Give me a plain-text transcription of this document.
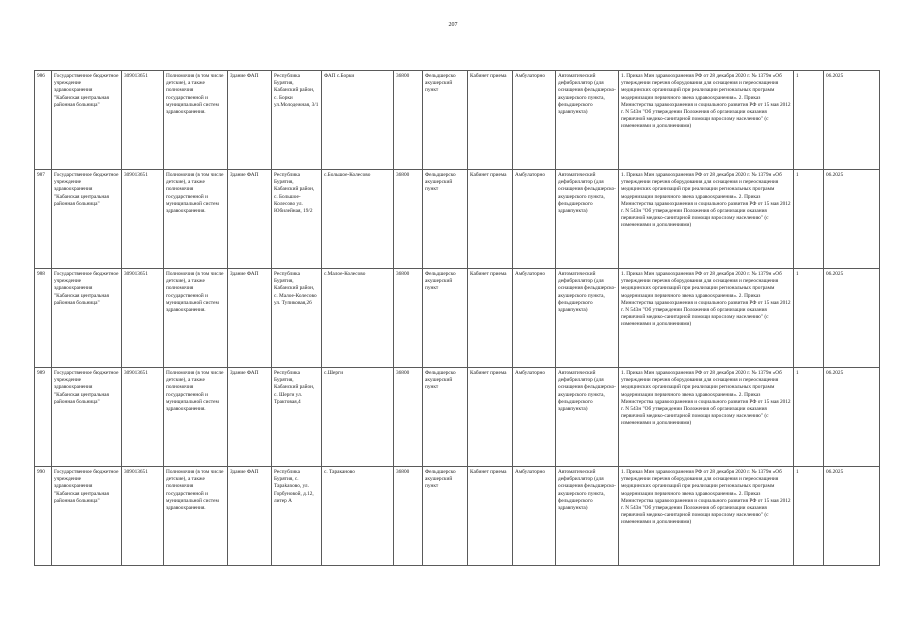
207
986	Государственное бюджетное учреждение здравоохранения "Кабанская центральная районная больница"	309013651	Полномочия (в том числе детские), а также полномочия государственной и муниципальной систем здравоохранения.	Здание ФАП	Республика Бурятия, Кабанский район, с. Борки ул.Молодежная, 3/1	ФАП с.Борки	36800	Фельдшерско акушерский пункт	Кабинет приема	Амбулаторно	Автоматический дефибриллятор (для оснащения фельдшерско-акушерского пункта, фельдшерского здравпункта)	1. Приказ Мин здравоохранения РФ от 28 декабря 2020 г. № 1379н «Об утверждении перечня оборудования для оснащения и переоснащения медицинских организаций при реализации региональных программ модернизации первичного звена здравоохранения». 2. Приказ Министерства здравоохранения и социального развития РФ от 15 мая 2012 г. N 543н "Об утверждении Положения об организации оказания первичной медико-санитарной помощи взрослому населению" (с изменениями и дополнениями)	1	06.2025
987	Государственное бюджетное учреждение здравоохранения "Кабанская центральная районная больница"	309013651	Полномочия (в том числе детские), а также полномочия государственной и муниципальной систем здравоохранения.	Здание ФАП	Республика Бурятия, Кабанский район, с. Большое-Колесово ул. Юбилейная, 19/2	с.Большое-Колесово	36800	Фельдшерско акушерский пункт	Кабинет приема	Амбулаторно	Автоматический дефибриллятор (для оснащения фельдшерско-акушерского пункта, фельдшерского здравпункта)	1. Приказ Мин здравоохранения РФ от 28 декабря 2020 г. № 1379н «Об утверждении перечня оборудования для оснащения и переоснащения медицинских организаций при реализации региональных программ модернизации первичного звена здравоохранения». 2. Приказ Министерства здравоохранения и социального развития РФ от 15 мая 2012 г. N 543н "Об утверждении Положения об организации оказания первичной медико-санитарной помощи взрослому населению" (с изменениями и дополнениями)	1	06.2025
988	Государственное бюджетное учреждение здравоохранения "Кабанская центральная районная больница"	309013651	Полномочия (в том числе детские), а также полномочия государственной и муниципальной систем здравоохранения.	Здание ФАП	Республика Бурятия, Кабанский район, с. Малое-Колесово ул. Тупиковая,26	с.Малое-Колесово	36800	Фельдшерско акушерский пункт	Кабинет приема	Амбулаторно	Автоматический дефибриллятор (для оснащения фельдшерско-акушерского пункта, фельдшерского здравпункта)	1. Приказ Мин здравоохранения РФ от 28 декабря 2020 г. № 1379н «Об утверждении перечня оборудования для оснащения и переоснащения медицинских организаций при реализации региональных программ модернизации первичного звена здравоохранения». 2. Приказ Министерства здравоохранения и социального развития РФ от 15 мая 2012 г. N 543н "Об утверждении Положения об организации оказания первичной медико-санитарной помощи взрослому населению" (с изменениями и дополнениями)	1	06.2025
989	Государственное бюджетное учреждение здравоохранения "Кабанская центральная районная больница"	309013651	Полномочия (в том числе детские), а также полномочия государственной и муниципальной систем здравоохранения.	Здание ФАП	Республика Бурятия, Кабанский район, с. Шерги ул. Трактовая,4	с.Шерги	36800	Фельдшерско акушерский пункт	Кабинет приема	Амбулаторно	Автоматический дефибриллятор (для оснащения фельдшерско-акушерского пункта, фельдшерского здравпункта)	1. Приказ Мин здравоохранения РФ от 28 декабря 2020 г. № 1379н «Об утверждении перечня оборудования для оснащения и переоснащения медицинских организаций при реализации региональных программ модернизации первичного звена здравоохранения». 2. Приказ Министерства здравоохранения и социального развития РФ от 15 мая 2012 г. N 543н "Об утверждении Положения об организации оказания первичной медико-санитарной помощи взрослому населению" (с изменениями и дополнениями)	1	06.2025
990	Государственное бюджетное учреждение здравоохранения "Кабанская центральная районная больница"	309013651	Полномочия (в том числе детские), а также полномочия государственной и муниципальной систем здравоохранения.	Здание ФАП	Республика Бурятия, с. Тарakanово, ул. Горбуновой, д.12, литер А	с. Тараканово	36800	Фельдшерско акушерский пункт	Кабинет приема	Амбулаторно	Автоматический дефибриллятор (для оснащения фельдшерско-акушерского пункта, фельдшерского здравпункта)	1. Приказ Мин здравоохранения РФ от 28 декабря 2020 г. № 1379н «Об утверждении перечня оборудования для оснащения и переоснащения медицинских организаций при реализации региональных программ модернизации первичного звена здравоохранения». 2. Приказ Министерства здравоохранения и социального развития РФ от 15 мая 2012 г. N 543н "Об утверждении Положения об организации оказания первичной медико-санитарной помощи взрослому населению" (с изменениями и дополнениями)	1	06.2025
